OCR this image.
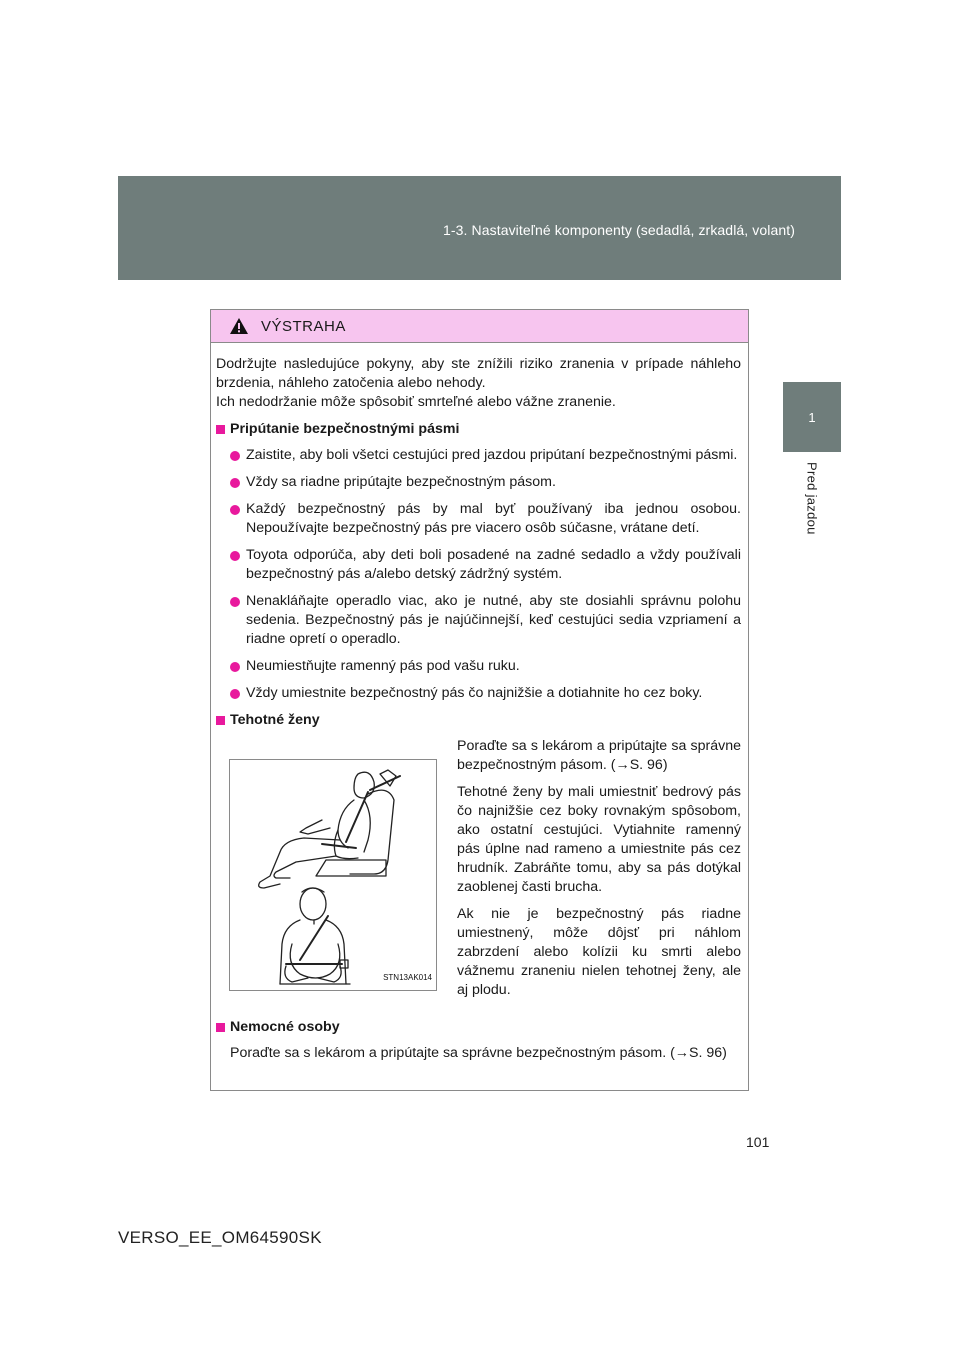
1-3. Nastaviteľné komponenty (sedadlá, zrkadlá, volant)
1
Pred jazdou
VÝSTRAHA

Dodržujte nasledujúce pokyny, aby ste znížili riziko zranenia v prípade náhleho brzdenia, náhleho zatočenia alebo nehody.

Ich nedodržanie môže spôsobiť smrteľné alebo vážne zranenie.

Pripútanie bezpečnostnými pásmi
Zaistite, aby boli všetci cestujúci pred jazdou pripútaní bezpečnostnými pásmi.
Vždy sa riadne pripútajte bezpečnostným pásom.
Každý bezpečnostný pás by mal byť používaný iba jednou osobou. Nepoužívajte bezpečnostný pás pre viacero osôb súčasne, vrátane detí.
Toyota odporúča, aby deti boli posadené na zadné sedadlo a vždy používali bezpečnostný pás a/alebo detský zádržný systém.
Nenakláňajte operadlo viac, ako je nutné, aby ste dosiahli správnu polohu sedenia. Bezpečnostný pás je najúčinnejší, keď cestujúci sedia vzpriamení a riadne opretí o operadlo.
Neumiestňujte ramenný pás pod vašu ruku.
Vždy umiestnite bezpečnostný pás čo najnižšie a dotiahnite ho cez boky.
Tehotné ženy
STN13AK014

Poraďte sa s lekárom a pripútajte sa správne bezpečnostným pásom. (→S. 96)

Tehotné ženy by mali umiestniť bedrový pás čo najnižšie cez boky rovnakým spôsobom, ako ostatní cestujúci. Vytiahnite ramenný pás úplne nad rameno a umiestnite pás cez hrudník. Zabráňte tomu, aby sa pás dotýkal zaoblenej časti brucha.

Ak nie je bezpečnostný pás riadne umiestnený, môže dôjsť pri náhlom zabrzdení alebo kolízii ku smrti alebo vážnemu zraneniu nielen tehotnej ženy, ale aj plodu.

Nemocné osoby

Poraďte sa s lekárom a pripútajte sa správne bezpečnostným pásom. (→S. 96)

101
VERSO_EE_OM64590SK
